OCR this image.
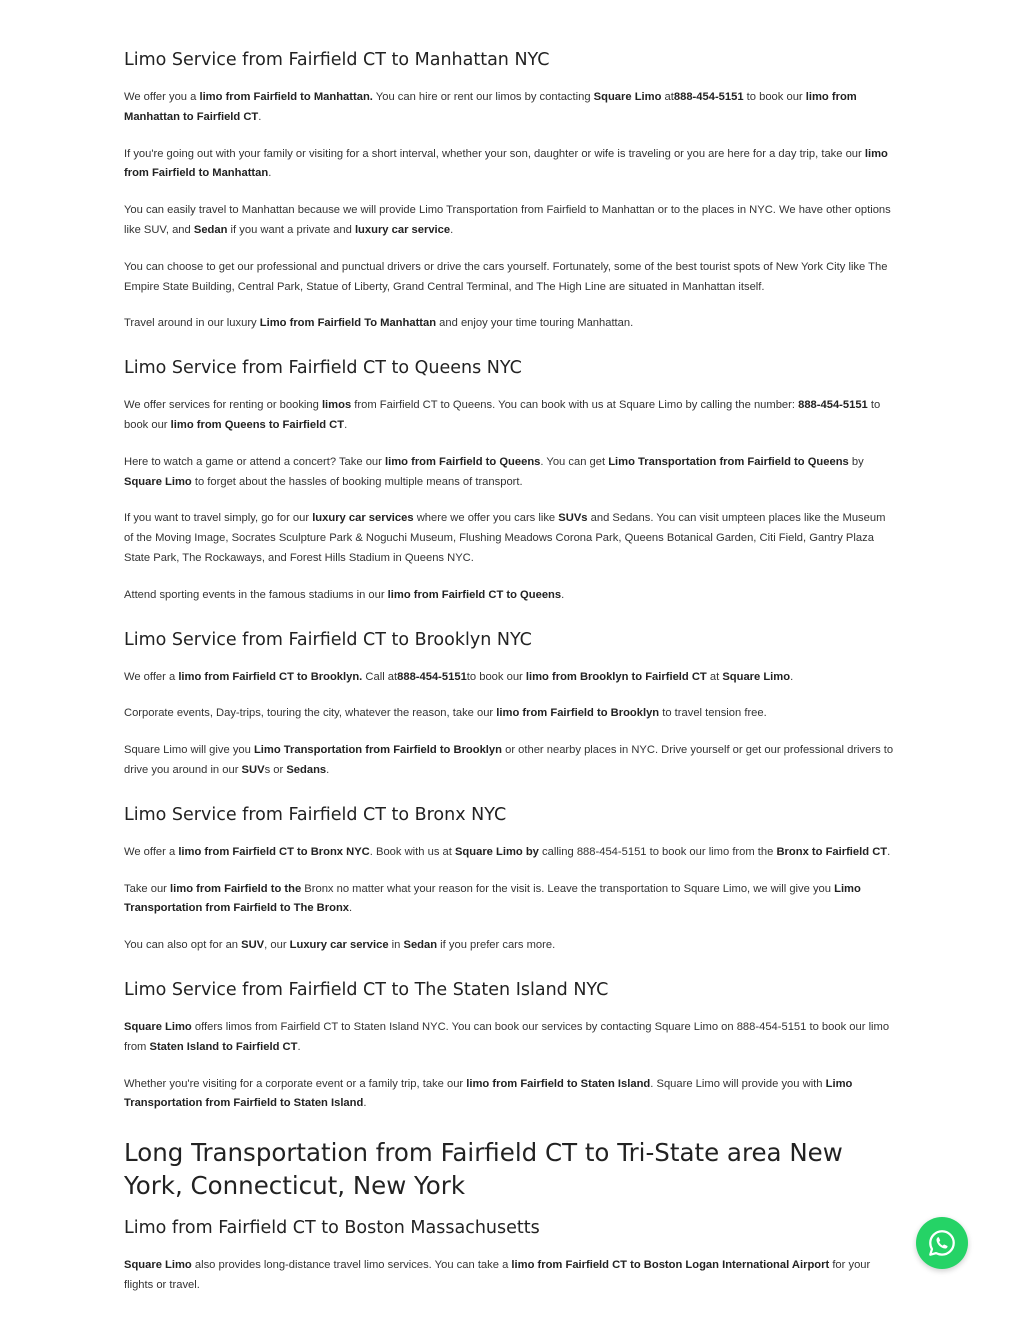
Limo Service from Fairfield CT to Manhattan NYC

We offer you a limo from Fairfield to Manhattan. You can hire or rent our limos by contacting Square Limo at888-454-5151 to book our limo from Manhattan to Fairfield CT.

If you're going out with your family or visiting for a short interval, whether your son, daughter or wife is traveling or you are here for a day trip, take our limo from Fairfield to Manhattan.

You can easily travel to Manhattan because we will provide Limo Transportation from Fairfield to Manhattan or to the places in NYC. We have other options like SUV, and Sedan if you want a private and luxury car service.

You can choose to get our professional and punctual drivers or drive the cars yourself. Fortunately, some of the best tourist spots of New York City like The Empire State Building, Central Park, Statue of Liberty, Grand Central Terminal, and The High Line are situated in Manhattan itself.

Travel around in our luxury Limo from Fairfield To Manhattan and enjoy your time touring Manhattan.

Limo Service from Fairfield CT to Queens NYC

We offer services for renting or booking limos from Fairfield CT to Queens. You can book with us at Square Limo by calling the number: 888-454-5151 to book our limo from Queens to Fairfield CT.

Here to watch a game or attend a concert? Take our limo from Fairfield to Queens. You can get Limo Transportation from Fairfield to Queens by Square Limo to forget about the hassles of booking multiple means of transport.

If you want to travel simply, go for our luxury car services where we offer you cars like SUVs and Sedans. You can visit umpteen places like the Museum of the Moving Image, Socrates Sculpture Park & Noguchi Museum, Flushing Meadows Corona Park, Queens Botanical Garden, Citi Field, Gantry Plaza State Park, The Rockaways, and Forest Hills Stadium in Queens NYC.

Attend sporting events in the famous stadiums in our limo from Fairfield CT to Queens.

Limo Service from Fairfield CT to Brooklyn NYC

We offer a limo from Fairfield CT to Brooklyn. Call at888-454-5151to book our limo from Brooklyn to Fairfield CT at Square Limo.

Corporate events, Day-trips, touring the city, whatever the reason, take our limo from Fairfield to Brooklyn to travel tension free.

Square Limo will give you Limo Transportation from Fairfield to Brooklyn or other nearby places in NYC. Drive yourself or get our professional drivers to drive you around in our SUVs or Sedans.

Limo Service from Fairfield CT to Bronx NYC

We offer a limo from Fairfield CT to Bronx NYC. Book with us at Square Limo by calling 888-454-5151 to book our limo from the Bronx to Fairfield CT.

Take our limo from Fairfield to the Bronx no matter what your reason for the visit is. Leave the transportation to Square Limo, we will give you Limo Transportation from Fairfield to The Bronx.

You can also opt for an SUV, our Luxury car service in Sedan if you prefer cars more.

Limo Service from Fairfield CT to The Staten Island NYC

Square Limo offers limos from Fairfield CT to Staten Island NYC. You can book our services by contacting Square Limo on 888-454-5151 to book our limo from Staten Island to Fairfield CT.

Whether you're visiting for a corporate event or a family trip, take our limo from Fairfield to Staten Island. Square Limo will provide you with Limo Transportation from Fairfield to Staten Island.

Long Transportation from Fairfield CT to Tri-State area New York, Connecticut, New York
Limo from Fairfield CT to Boston Massachusetts

Square Limo also provides long-distance travel limo services. You can take a limo from Fairfield CT to Boston Logan International Airport for your flights or travel.
